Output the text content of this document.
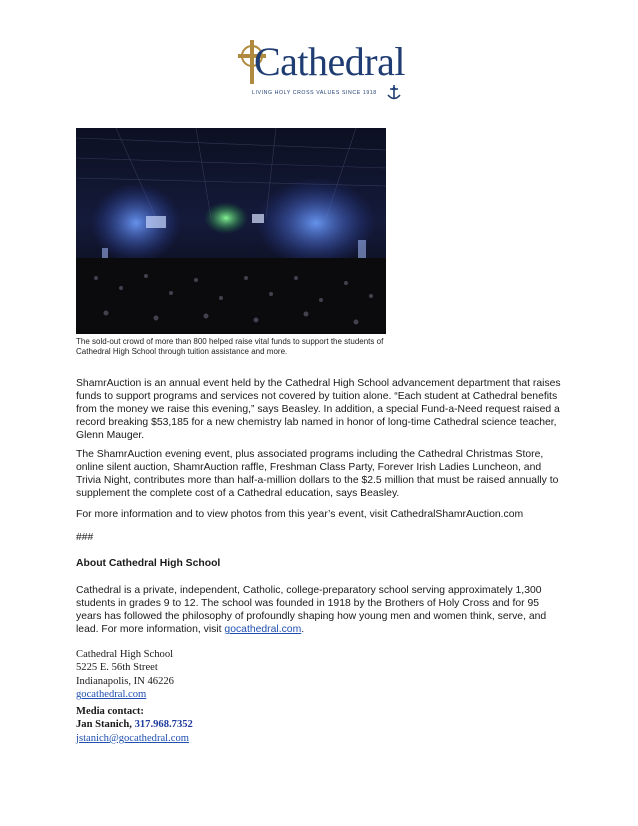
Cathedral
LIVING HOLY CROSS VALUES SINCE 1918
The sold-out crowd of more than 800 helped raise vital funds to support the students of Cathedral High School through tuition assistance and more.
ShamrAuction is an annual event held by the Cathedral High School advancement department that raises funds to support programs and services not covered by tuition alone. “Each student at Cathedral benefits from the money we raise this evening,” says Beasley. In addition, a special Fund-a-Need request raised a record breaking $53,185 for a new chemistry lab named in honor of long-time Cathedral science teacher, Glenn Mauger.
The ShamrAuction evening event, plus associated programs including the Cathedral Christmas Store, online silent auction, ShamrAuction raffle, Freshman Class Party, Forever Irish Ladies Luncheon, and Trivia Night, contributes more than half-a-million dollars to the $2.5 million that must be raised annually to supplement the complete cost of a Cathedral education, says Beasley.
For more information and to view photos from this year’s event, visit CathedralShamrAuction.com
###
About Cathedral High School
Cathedral is a private, independent, Catholic, college-preparatory school serving approximately 1,300 students in grades 9 to 12. The school was founded in 1918 by the Brothers of Holy Cross and for 95 years has followed the philosophy of profoundly shaping how young men and women think, serve, and lead. For more information, visit gocathedral.com.
Cathedral High School
5225 E. 56th Street
Indianapolis, IN 46226
gocathedral.com
Media contact:
Jan Stanich, 317.968.7352
jstanich@gocathedral.com
